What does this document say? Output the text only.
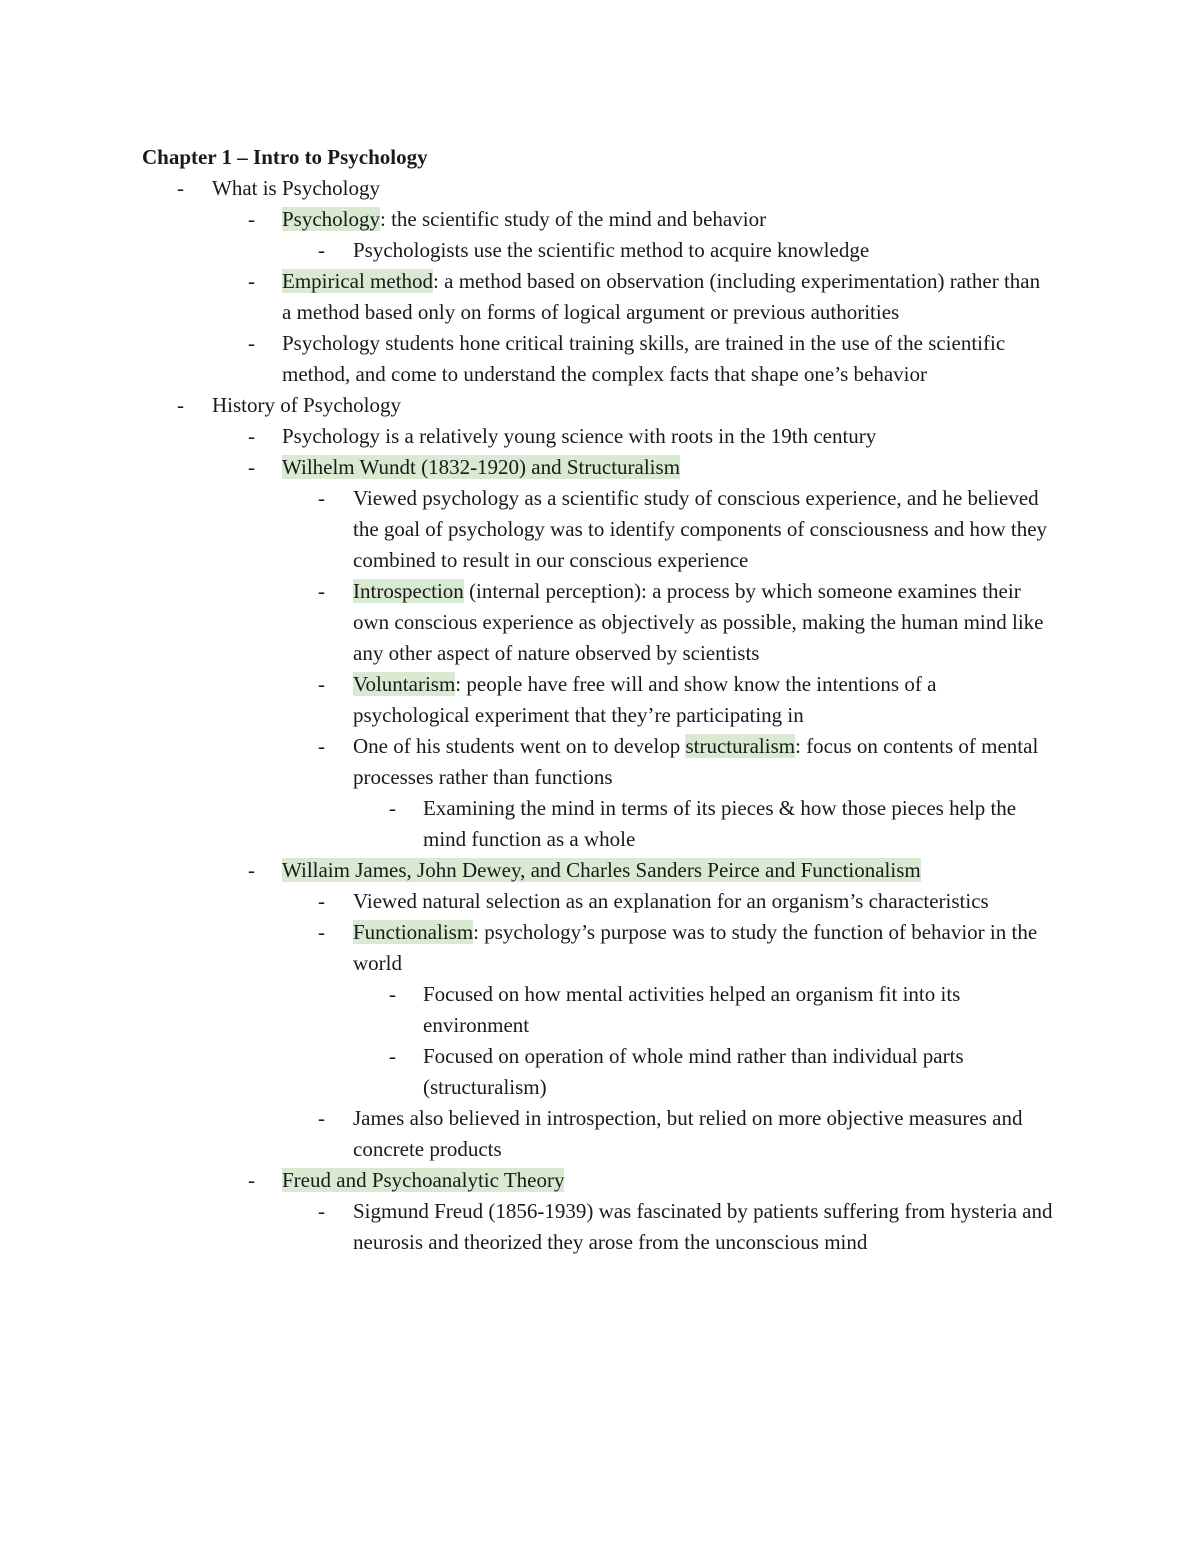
Chapter 1 – Intro to Psychology
- What is Psychology
- Psychology: the scientific study of the mind and behavior
- Psychologists use the scientific method to acquire knowledge
- Empirical method: a method based on observation (including experimentation) rather than a method based only on forms of logical argument or previous authorities
- Psychology students hone critical training skills, are trained in the use of the scientific method, and come to understand the complex facts that shape one’s behavior
- History of Psychology
- Psychology is a relatively young science with roots in the 19th century
- Wilhelm Wundt (1832-1920) and Structuralism
- Viewed psychology as a scientific study of conscious experience, and he believed the goal of psychology was to identify components of consciousness and how they combined to result in our conscious experience
- Introspection (internal perception): a process by which someone examines their own conscious experience as objectively as possible, making the human mind like any other aspect of nature observed by scientists
- Voluntarism: people have free will and show know the intentions of a psychological experiment that they’re participating in
- One of his students went on to develop structuralism: focus on contents of mental processes rather than functions
- Examining the mind in terms of its pieces & how those pieces help the mind function as a whole
- Willaim James, John Dewey, and Charles Sanders Peirce and Functionalism
- Viewed natural selection as an explanation for an organism’s characteristics
- Functionalism: psychology’s purpose was to study the function of behavior in the world
- Focused on how mental activities helped an organism fit into its environment
- Focused on operation of whole mind rather than individual parts (structuralism)
- James also believed in introspection, but relied on more objective measures and concrete products
- Freud and Psychoanalytic Theory
- Sigmund Freud (1856-1939) was fascinated by patients suffering from hysteria and neurosis and theorized they arose from the unconscious mind
